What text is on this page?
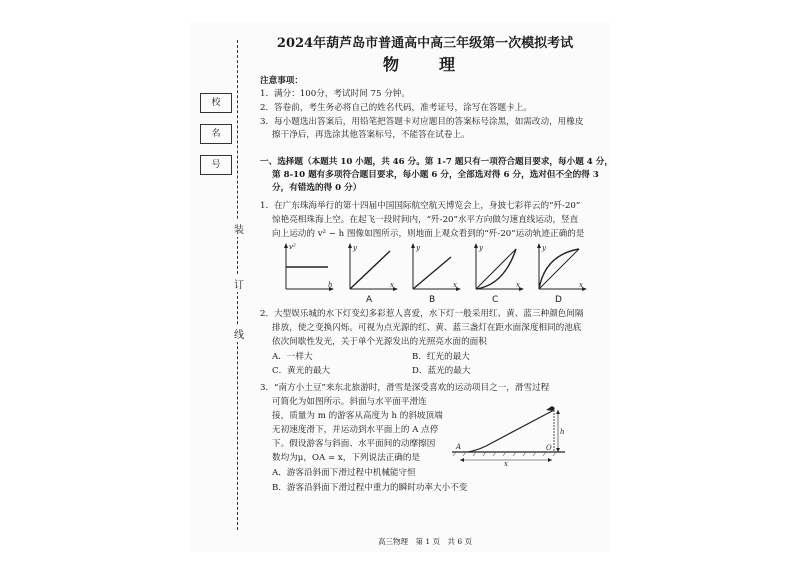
校
名
号
装
订
线
2024年葫芦岛市普通高中高三年级第一次模拟考试
物　理
注意事项：
1．满分：100分，考试时间 75 分钟。
2．答卷前，考生务必将自己的姓名代码，准考证号，涂写在答题卡上。
3．每小题选出答案后，用铅笔把答题卡对应题目的答案标号涂黑，如需改动，用橡皮
擦干净后，再选涂其他答案标号，不能答在试卷上。
一、选择题（本题共 10 小题，共 46 分。第 1-7 题只有一项符合题目要求，每小题 4 分，
第 8-10 题有多项符合题目要求，每小题 6 分，全部选对得 6 分，选对但不全的得 3
分，有错选的得 0 分）
1．在广东珠海举行的第十四届中国国际航空航天博览会上，身披七彩祥云的“歼-20”
惊艳亮相珠海上空。在起飞一段时间内，“歼-20”水平方向做匀速直线运动，竖直
向上运动的 v² − h 图像如图所示，则地面上观众看到的“歼-20”运动轨迹正确的是
v²
h
y
x
A
y
x
B
y
x
C
y
x
D
2．大型娱乐城的水下灯变幻多彩惹人喜爱，水下灯一般采用红、黄、蓝三种颜色间隔
排放，使之变换闪烁。可视为点光源的红、黄、蓝三盏灯在距水面深度相同的池底
依次间歇性发光，关于单个光源发出的光照亮水面的面积
A．一样大	B．红光的最大
C．黄光的最大	D．蓝光的最大
3．“南方小土豆”来东北旅游时，滑雪是深受喜欢的运动项目之一，滑雪过程
可简化为如图所示。斜面与水平面平滑连
接，质量为 m 的游客从高度为 h 的斜坡顶端
无初速度滑下，并运动到水平面上的 A 点停
下。假设游客与斜面、水平面间的动摩擦因
数均为μ，OA = x，下列说法正确的是
A	O
h
x
A．游客沿斜面下滑过程中机械能守恒
B．游客沿斜面下滑过程中重力的瞬时功率大小不变
高三物理　第 1 页　共 6 页
